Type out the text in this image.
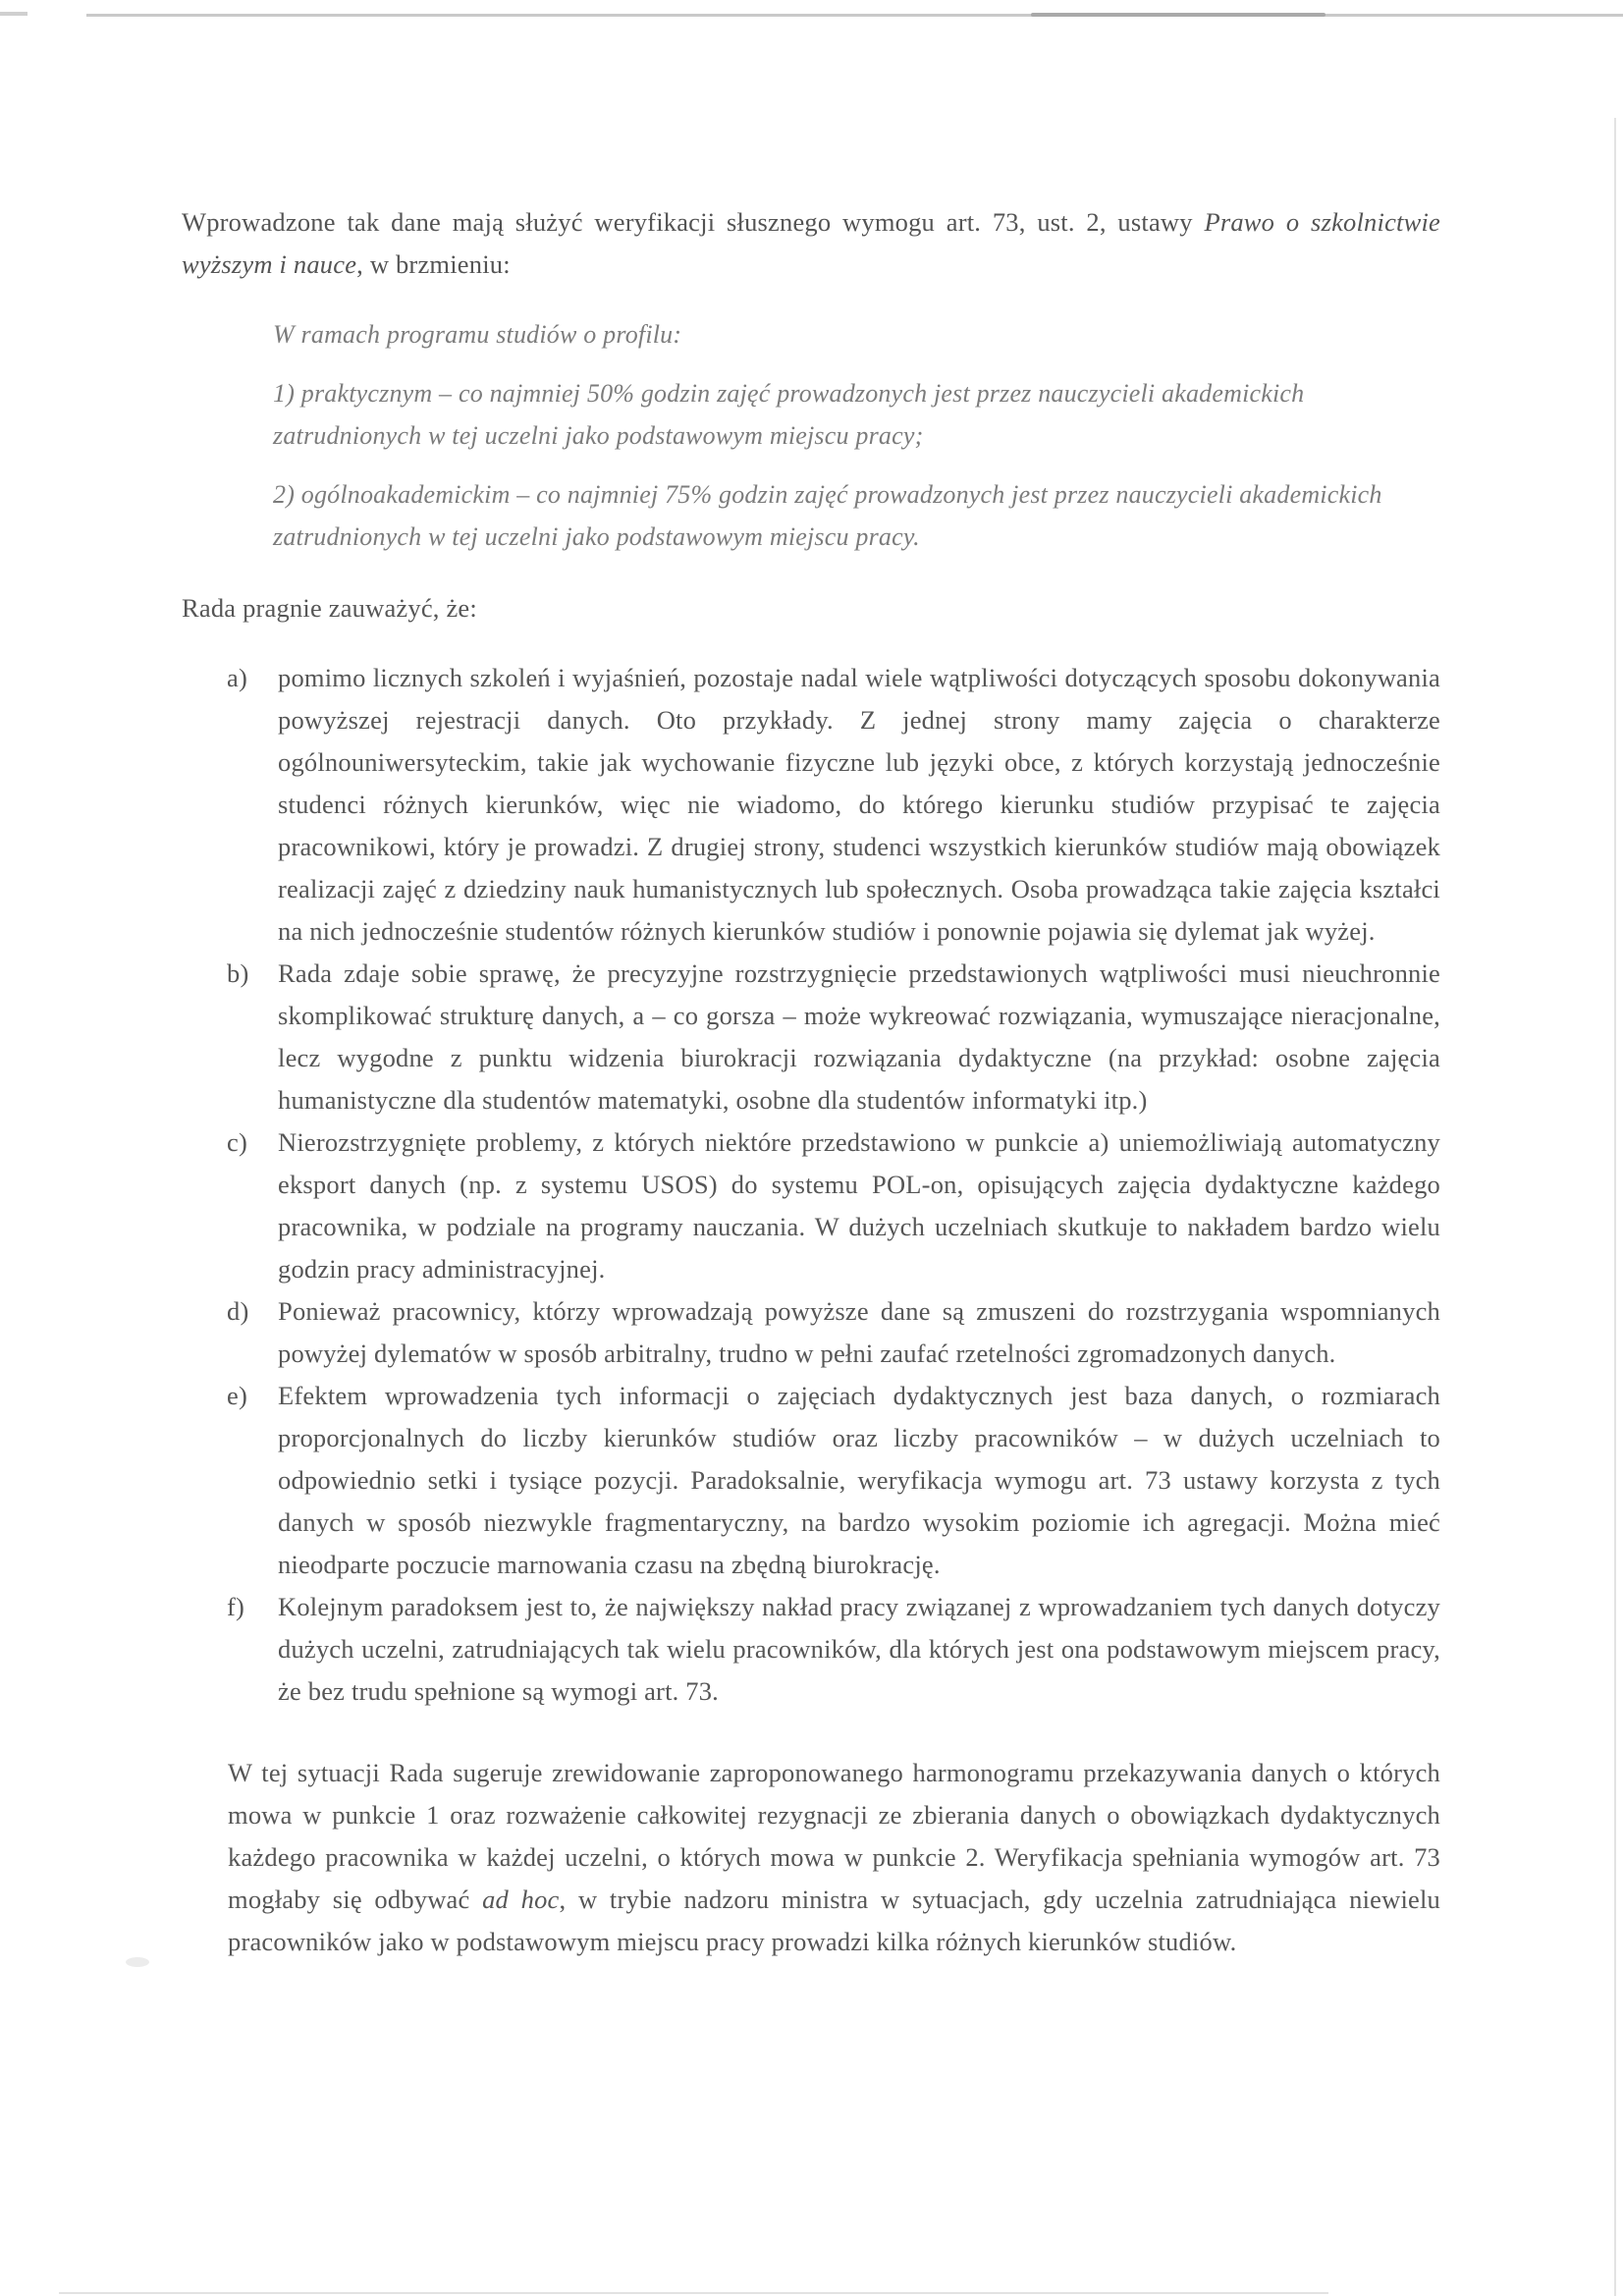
Wprowadzone tak dane mają służyć weryfikacji słusznego wymogu art. 73, ust. 2, ustawy Prawo o szkolnictwie wyższym i nauce, w brzmieniu:

W ramach programu studiów o profilu:

1) praktycznym – co najmniej 50% godzin zajęć prowadzonych jest przez nauczycieli akademickich zatrudnionych w tej uczelni jako podstawowym miejscu pracy;

2) ogólnoakademickim – co najmniej 75% godzin zajęć prowadzonych jest przez nauczycieli akademickich zatrudnionych w tej uczelni jako podstawowym miejscu pracy.

Rada pragnie zauważyć, że:

a)	pomimo licznych szkoleń i wyjaśnień, pozostaje nadal wiele wątpliwości dotyczących sposobu dokonywania powyższej rejestracji danych. Oto przykłady. Z jednej strony mamy zajęcia o charakterze ogólnouniwersyteckim, takie jak wychowanie fizyczne lub języki obce, z których korzystają jednocześnie studenci różnych kierunków, więc nie wiadomo, do którego kierunku studiów przypisać te zajęcia pracownikowi, który je prowadzi. Z drugiej strony, studenci wszystkich kierunków studiów mają obowiązek realizacji zajęć z dziedziny nauk humanistycznych lub społecznych. Osoba prowadząca takie zajęcia kształci na nich jednocześnie studentów różnych kierunków studiów i ponownie pojawia się dylemat jak wyżej.
b)	Rada zdaje sobie sprawę, że precyzyjne rozstrzygnięcie przedstawionych wątpliwości musi nieuchronnie skomplikować strukturę danych, a – co gorsza – może wykreować rozwiązania, wymuszające nieracjonalne, lecz wygodne z punktu widzenia biurokracji rozwiązania dydaktyczne (na przykład: osobne zajęcia humanistyczne dla studentów matematyki, osobne dla studentów informatyki itp.)
c)	Nierozstrzygnięte problemy, z których niektóre przedstawiono w punkcie a) uniemożliwiają automatyczny eksport danych (np. z systemu USOS) do systemu POL-on, opisujących zajęcia dydaktyczne każdego pracownika, w podziale na programy nauczania. W dużych uczelniach skutkuje to nakładem bardzo wielu godzin pracy administracyjnej.
d)	Ponieważ pracownicy, którzy wprowadzają powyższe dane są zmuszeni do rozstrzygania wspomnianych powyżej dylematów w sposób arbitralny, trudno w pełni zaufać rzetelności zgromadzonych danych.
e)	Efektem wprowadzenia tych informacji o zajęciach dydaktycznych jest baza danych, o rozmiarach proporcjonalnych do liczby kierunków studiów oraz liczby pracowników – w dużych uczelniach to odpowiednio setki i tysiące pozycji. Paradoksalnie, weryfikacja wymogu art. 73 ustawy korzysta z tych danych w sposób niezwykle fragmentaryczny, na bardzo wysokim poziomie ich agregacji. Można mieć nieodparte poczucie marnowania czasu na zbędną biurokrację.
f)	Kolejnym paradoksem jest to, że największy nakład pracy związanej z wprowadzaniem tych danych dotyczy dużych uczelni, zatrudniających tak wielu pracowników, dla których jest ona podstawowym miejscem pracy, że bez trudu spełnione są wymogi art. 73.

W tej sytuacji Rada sugeruje zrewidowanie zaproponowanego harmonogramu przekazywania danych o których mowa w punkcie 1 oraz rozważenie całkowitej rezygnacji ze zbierania danych o obowiązkach dydaktycznych każdego pracownika w każdej uczelni, o których mowa w punkcie 2. Weryfikacja spełniania wymogów art. 73 mogłaby się odbywać ad hoc, w trybie nadzoru ministra w sytuacjach, gdy uczelnia zatrudniająca niewielu pracowników jako w podstawowym miejscu pracy prowadzi kilka różnych kierunków studiów.
